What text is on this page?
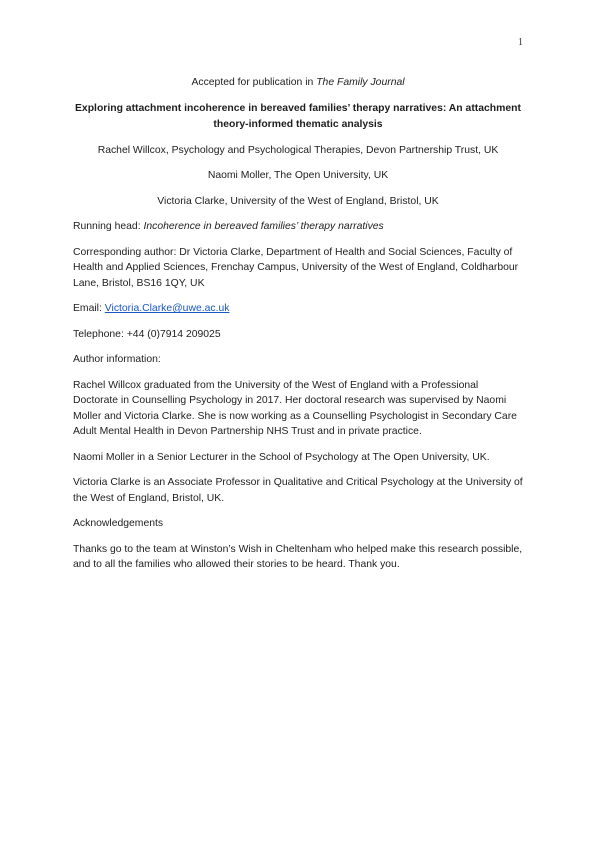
1

Accepted for publication in The Family Journal

Exploring attachment incoherence in bereaved families’ therapy narratives: An attachment theory-informed thematic analysis

Rachel Willcox, Psychology and Psychological Therapies, Devon Partnership Trust, UK

Naomi Moller, The Open University, UK

Victoria Clarke, University of the West of England, Bristol, UK

Running head: Incoherence in bereaved families’ therapy narratives

Corresponding author: Dr Victoria Clarke, Department of Health and Social Sciences, Faculty of Health and Applied Sciences, Frenchay Campus, University of the West of England, Coldharbour Lane, Bristol, BS16 1QY, UK

Email: Victoria.Clarke@uwe.ac.uk

Telephone: +44 (0)7914 209025

Author information:

Rachel Willcox graduated from the University of the West of England with a Professional Doctorate in Counselling Psychology in 2017. Her doctoral research was supervised by Naomi Moller and Victoria Clarke. She is now working as a Counselling Psychologist in Secondary Care Adult Mental Health in Devon Partnership NHS Trust and in private practice.

Naomi Moller in a Senior Lecturer in the School of Psychology at The Open University, UK.

Victoria Clarke is an Associate Professor in Qualitative and Critical Psychology at the University of the West of England, Bristol, UK.

Acknowledgements

Thanks go to the team at Winston’s Wish in Cheltenham who helped make this research possible, and to all the families who allowed their stories to be heard. Thank you.
